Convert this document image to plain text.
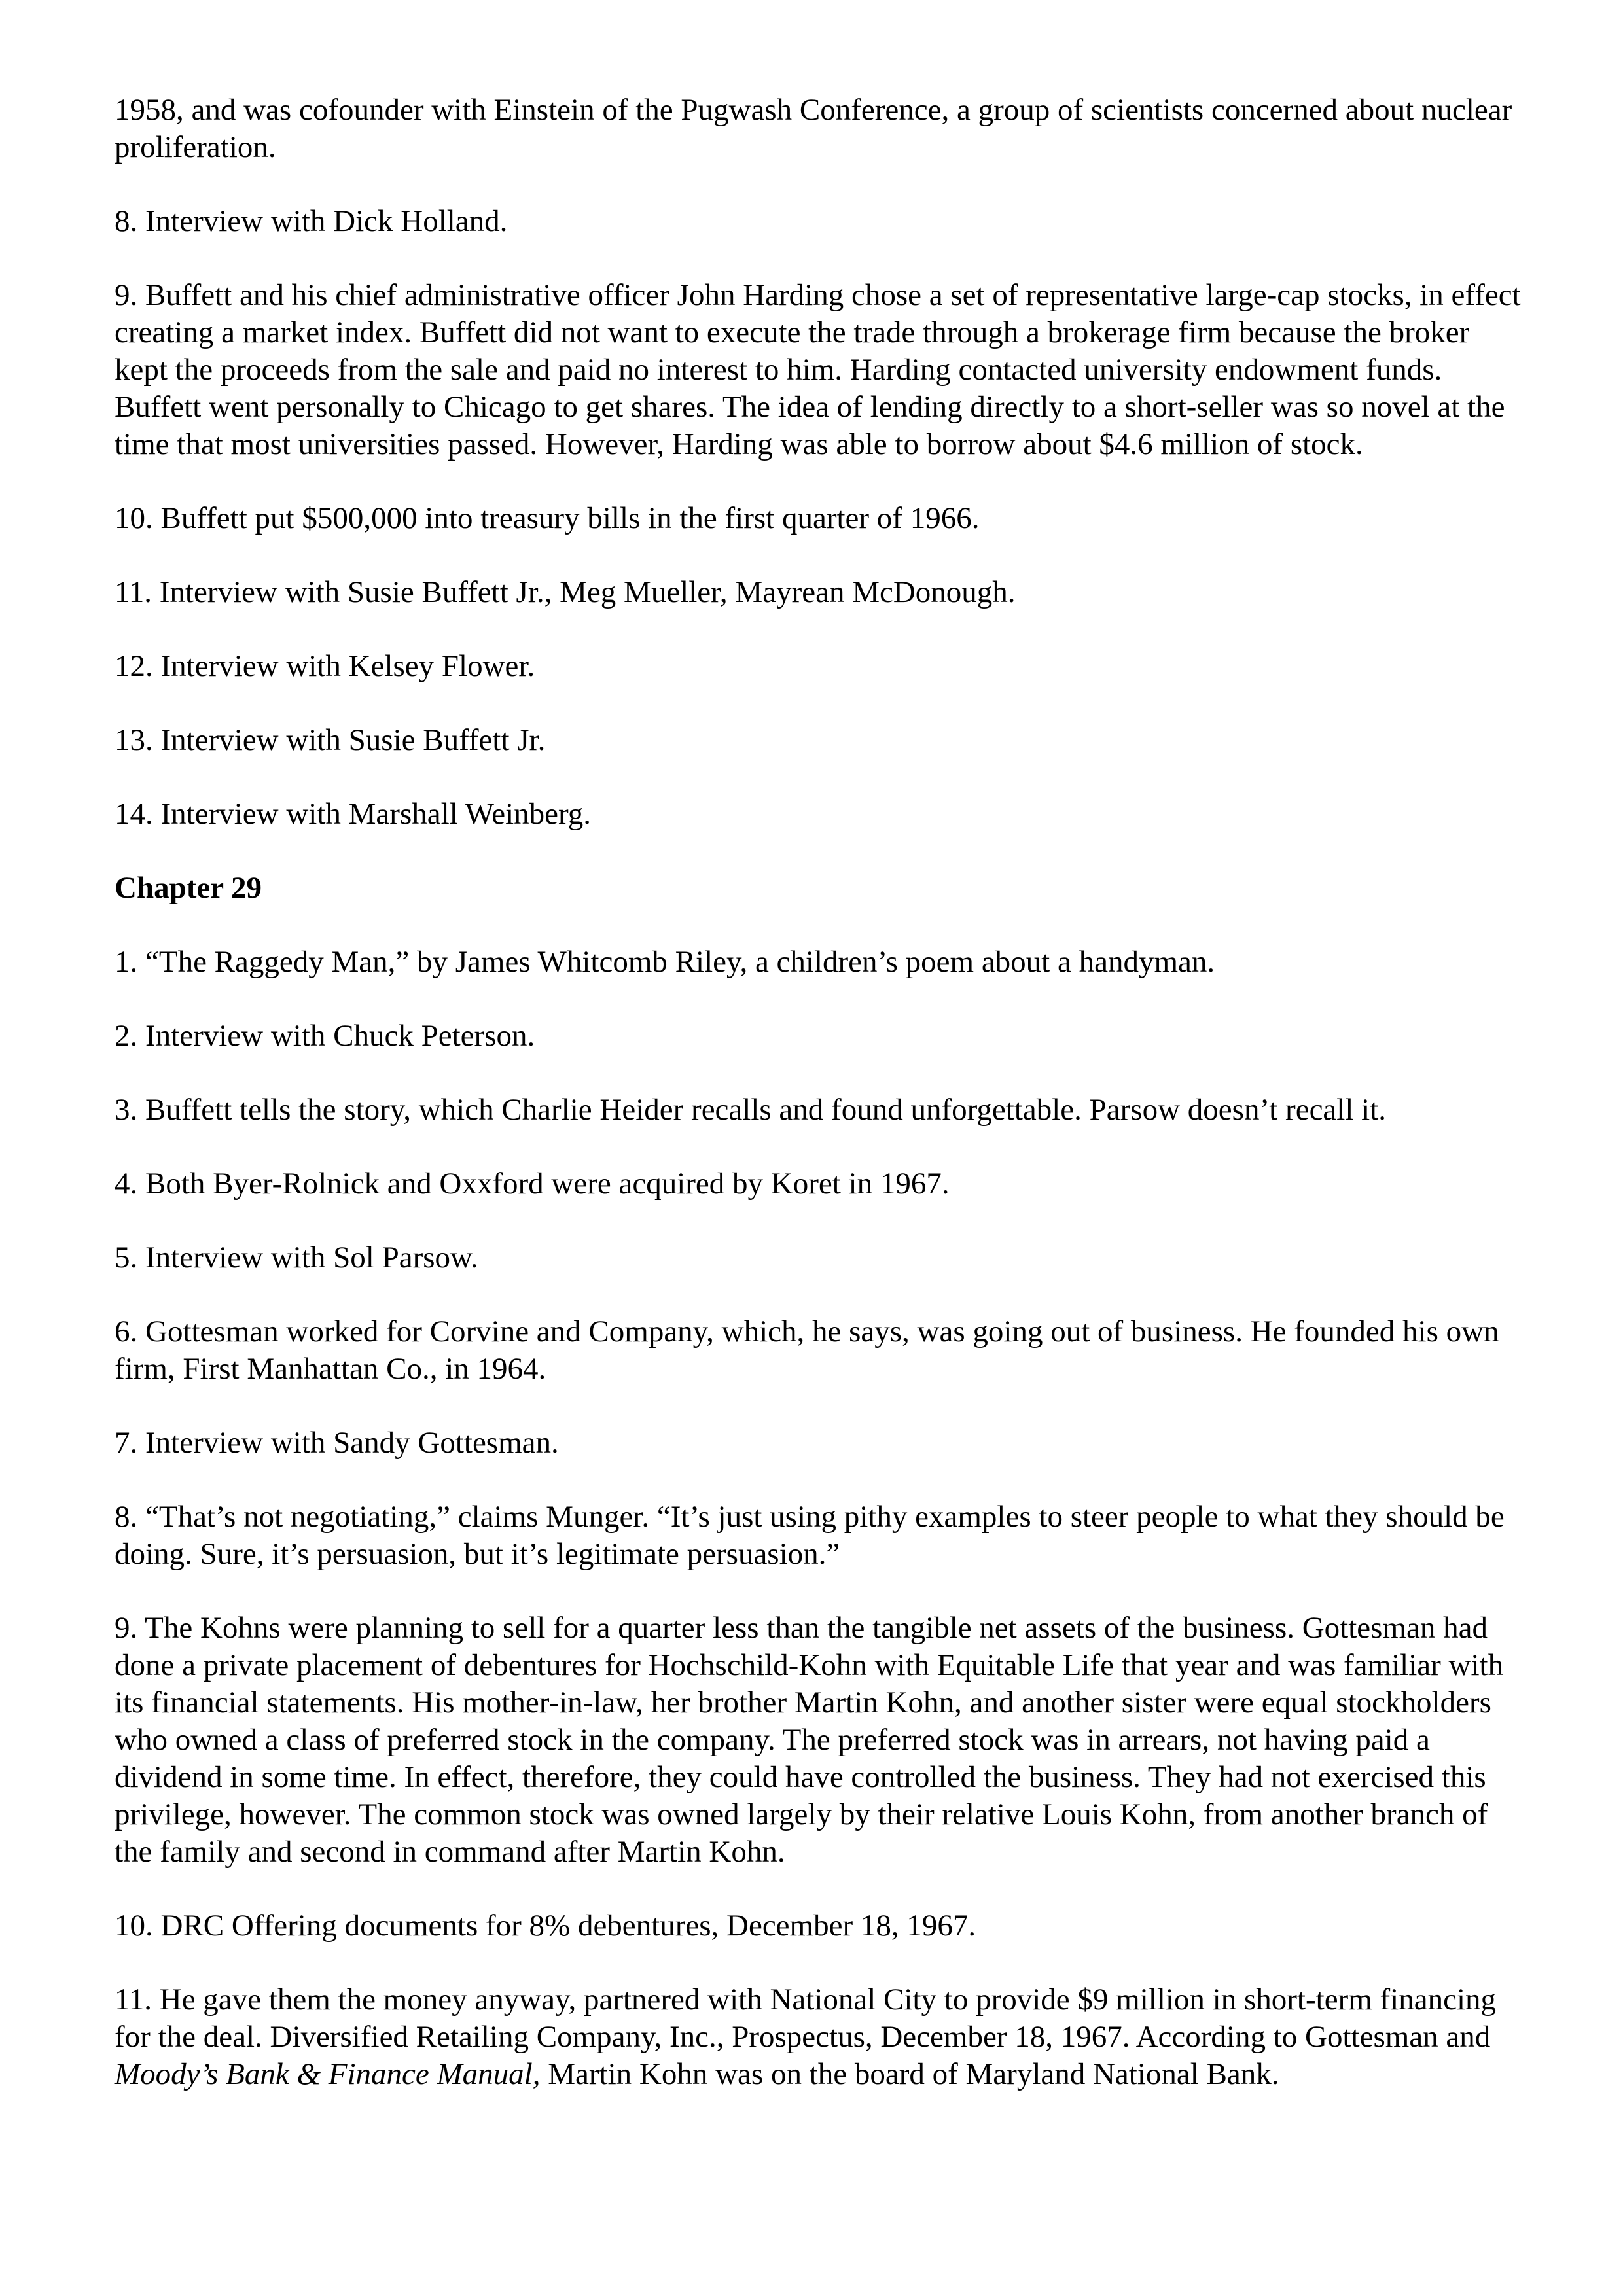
1958, and was cofounder with Einstein of the Pugwash Conference, a group of scientists concerned about nuclear proliferation.

8. Interview with Dick Holland.

9. Buffett and his chief administrative officer John Harding chose a set of representative large-cap stocks, in effect creating a market index. Buffett did not want to execute the trade through a brokerage firm because the broker kept the proceeds from the sale and paid no interest to him. Harding contacted university endowment funds. Buffett went personally to Chicago to get shares. The idea of lending directly to a short-seller was so novel at the time that most universities passed. However, Harding was able to borrow about $4.6 million of stock.

10. Buffett put $500,000 into treasury bills in the first quarter of 1966.

11. Interview with Susie Buffett Jr., Meg Mueller, Mayrean McDonough.

12. Interview with Kelsey Flower.

13. Interview with Susie Buffett Jr.

14. Interview with Marshall Weinberg.

Chapter 29

1. “The Raggedy Man,” by James Whitcomb Riley, a children’s poem about a handyman.

2. Interview with Chuck Peterson.

3. Buffett tells the story, which Charlie Heider recalls and found unforgettable. Parsow doesn’t recall it.

4. Both Byer-Rolnick and Oxxford were acquired by Koret in 1967.

5. Interview with Sol Parsow.

6. Gottesman worked for Corvine and Company, which, he says, was going out of business. He founded his own firm, First Manhattan Co., in 1964.

7. Interview with Sandy Gottesman.

8. “That’s not negotiating,” claims Munger. “It’s just using pithy examples to steer people to what they should be doing. Sure, it’s persuasion, but it’s legitimate persuasion.”

9. The Kohns were planning to sell for a quarter less than the tangible net assets of the business. Gottesman had done a private placement of debentures for Hochschild-Kohn with Equitable Life that year and was familiar with its financial statements. His mother-in-law, her brother Martin Kohn, and another sister were equal stockholders who owned a class of preferred stock in the company. The preferred stock was in arrears, not having paid a dividend in some time. In effect, therefore, they could have controlled the business. They had not exercised this privilege, however. The common stock was owned largely by their relative Louis Kohn, from another branch of the family and second in command after Martin Kohn.

10. DRC Offering documents for 8% debentures, December 18, 1967.

11. He gave them the money anyway, partnered with National City to provide $9 million in short-term financing for the deal. Diversified Retailing Company, Inc., Prospectus, December 18, 1967. According to Gottesman and Moody’s Bank & Finance Manual, Martin Kohn was on the board of Maryland National Bank.
